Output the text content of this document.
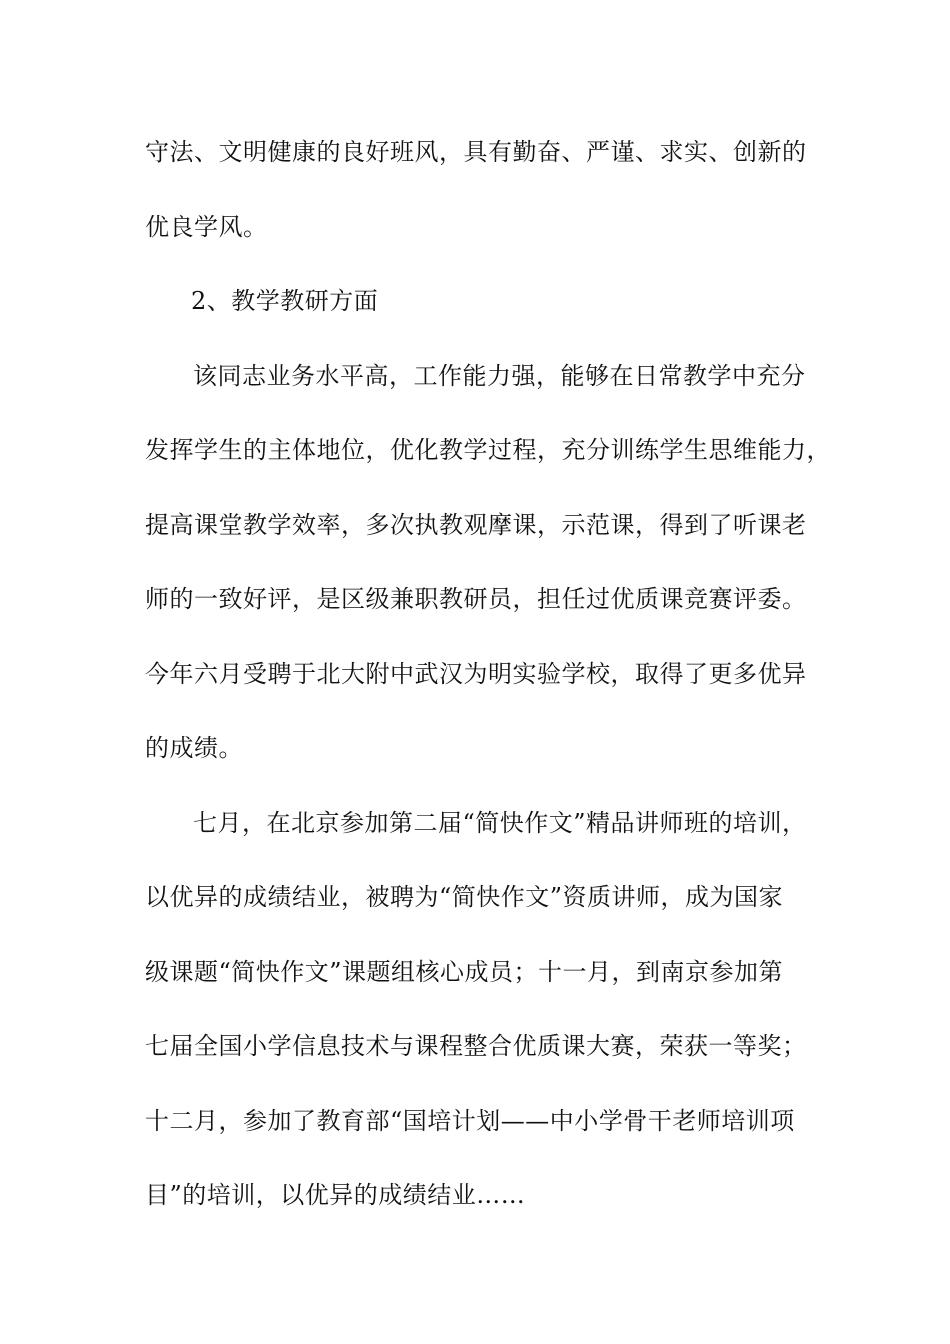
守法、文明健康的良好班风，具有勤奋、严谨、求实、创新的
优良学风。
2、教学教研方面
该同志业务水平高，工作能力强，能够在日常教学中充分
发挥学生的主体地位，优化教学过程，充分训练学生思维能力，
提高课堂教学效率，多次执教观摩课，示范课，得到了听课老
师的一致好评，是区级兼职教研员，担任过优质课竞赛评委。
今年六月受聘于北大附中武汉为明实验学校，取得了更多优异
的成绩。
七月，在北京参加第二届“简快作文”精品讲师班的培训，
以优异的成绩结业，被聘为“简快作文”资质讲师，成为国家
级课题“简快作文”课题组核心成员；十一月，到南京参加第
七届全国小学信息技术与课程整合优质课大赛，荣获一等奖；
十二月，参加了教育部“国培计划——中小学骨干老师培训项
目”的培训，以优异的成绩结业……
